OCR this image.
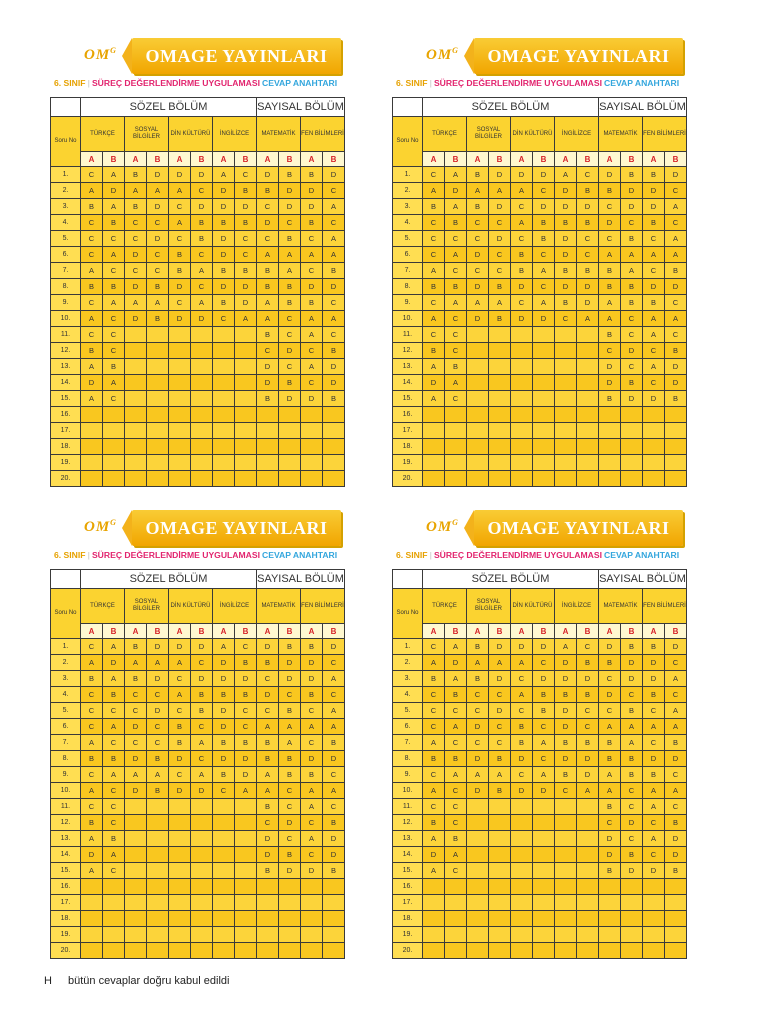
$OM^G$	OMAGE YAYINLARI
6. SINIF | SÜREÇ DEĞERLENDİRME UYGULAMASI CEVAP ANAHTARI
	SÖZEL BÖLÜM								SAYISAL BÖLÜM			
Soru No	TÜRKÇE		SOSYAL BİLGİLER		DİN KÜLTÜRÜ		İNGİLİZCE		MATEMATİK		FEN BİLİMLERİ	
	A	B	A	B	A	B	A	B	A	B	A	B
1.	C	A	B	D	D	D	A	C	D	B	B	D
2.	A	D	A	A	A	C	D	B	B	D	D	C
3.	B	A	B	D	C	D	D	D	C	D	D	A
4.	C	B	C	C	A	B	B	B	D	C	B	C
5.	C	C	C	D	C	B	D	C	C	B	C	A
6.	C	A	D	C	B	C	D	C	A	A	A	A
7.	A	C	C	C	B	A	B	B	B	A	C	B
8.	B	B	D	B	D	C	D	D	B	B	D	D
9.	C	A	A	A	C	A	B	D	A	B	B	C
10.	A	C	D	B	D	D	C	A	A	C	A	A
11.	C	C							B	C	A	C
12.	B	C							C	D	C	B
13.	A	B							D	C	A	D
14.	D	A							D	B	C	D
15.	A	C							B	D	D	B
16.												
17.												
18.												
19.												
20.												
$OM^G$	OMAGE YAYINLARI
6. SINIF | SÜREÇ DEĞERLENDİRME UYGULAMASI CEVAP ANAHTARI
	SÖZEL BÖLÜM								SAYISAL BÖLÜM			
Soru No	TÜRKÇE		SOSYAL BİLGİLER		DİN KÜLTÜRÜ		İNGİLİZCE		MATEMATİK		FEN BİLİMLERİ	
	A	B	A	B	A	B	A	B	A	B	A	B
1.	C	A	B	D	D	D	A	C	D	B	B	D
2.	A	D	A	A	A	C	D	B	B	D	D	C
3.	B	A	B	D	C	D	D	D	C	D	D	A
4.	C	B	C	C	A	B	B	B	D	C	B	C
5.	C	C	C	D	C	B	D	C	C	B	C	A
6.	C	A	D	C	B	C	D	C	A	A	A	A
7.	A	C	C	C	B	A	B	B	B	A	C	B
8.	B	B	D	B	D	C	D	D	B	B	D	D
9.	C	A	A	A	C	A	B	D	A	B	B	C
10.	A	C	D	B	D	D	C	A	A	C	A	A
11.	C	C							B	C	A	C
12.	B	C							C	D	C	B
13.	A	B							D	C	A	D
14.	D	A							D	B	C	D
15.	A	C							B	D	D	B
16.												
17.												
18.												
19.												
20.												
$OM^G$	OMAGE YAYINLARI
6. SINIF | SÜREÇ DEĞERLENDİRME UYGULAMASI CEVAP ANAHTARI
	SÖZEL BÖLÜM								SAYISAL BÖLÜM			
Soru No	TÜRKÇE		SOSYAL BİLGİLER		DİN KÜLTÜRÜ		İNGİLİZCE		MATEMATİK		FEN BİLİMLERİ	
	A	B	A	B	A	B	A	B	A	B	A	B
1.	C	A	B	D	D	D	A	C	D	B	B	D
2.	A	D	A	A	A	C	D	B	B	D	D	C
3.	B	A	B	D	C	D	D	D	C	D	D	A
4.	C	B	C	C	A	B	B	B	D	C	B	C
5.	C	C	C	D	C	B	D	C	C	B	C	A
6.	C	A	D	C	B	C	D	C	A	A	A	A
7.	A	C	C	C	B	A	B	B	B	A	C	B
8.	B	B	D	B	D	C	D	D	B	B	D	D
9.	C	A	A	A	C	A	B	D	A	B	B	C
10.	A	C	D	B	D	D	C	A	A	C	A	A
11.	C	C							B	C	A	C
12.	B	C							C	D	C	B
13.	A	B							D	C	A	D
14.	D	A							D	B	C	D
15.	A	C							B	D	D	B
16.												
17.												
18.												
19.												
20.												
$OM^G$	OMAGE YAYINLARI
6. SINIF | SÜREÇ DEĞERLENDİRME UYGULAMASI CEVAP ANAHTARI
	SÖZEL BÖLÜM								SAYISAL BÖLÜM			
Soru No	TÜRKÇE		SOSYAL BİLGİLER		DİN KÜLTÜRÜ		İNGİLİZCE		MATEMATİK		FEN BİLİMLERİ	
	A	B	A	B	A	B	A	B	A	B	A	B
1.	C	A	B	D	D	D	A	C	D	B	B	D
2.	A	D	A	A	A	C	D	B	B	D	D	C
3.	B	A	B	D	C	D	D	D	C	D	D	A
4.	C	B	C	C	A	B	B	B	D	C	B	C
5.	C	C	C	D	C	B	D	C	C	B	C	A
6.	C	A	D	C	B	C	D	C	A	A	A	A
7.	A	C	C	C	B	A	B	B	B	A	C	B
8.	B	B	D	B	D	C	D	D	B	B	D	D
9.	C	A	A	A	C	A	B	D	A	B	B	C
10.	A	C	D	B	D	D	C	A	A	C	A	A
11.	C	C							B	C	A	C
12.	B	C							C	D	C	B
13.	A	B							D	C	A	D
14.	D	A							D	B	C	D
15.	A	C							B	D	D	B
16.												
17.												
18.												
19.												
20.												
H bütün cevaplar doğru kabul edildi
